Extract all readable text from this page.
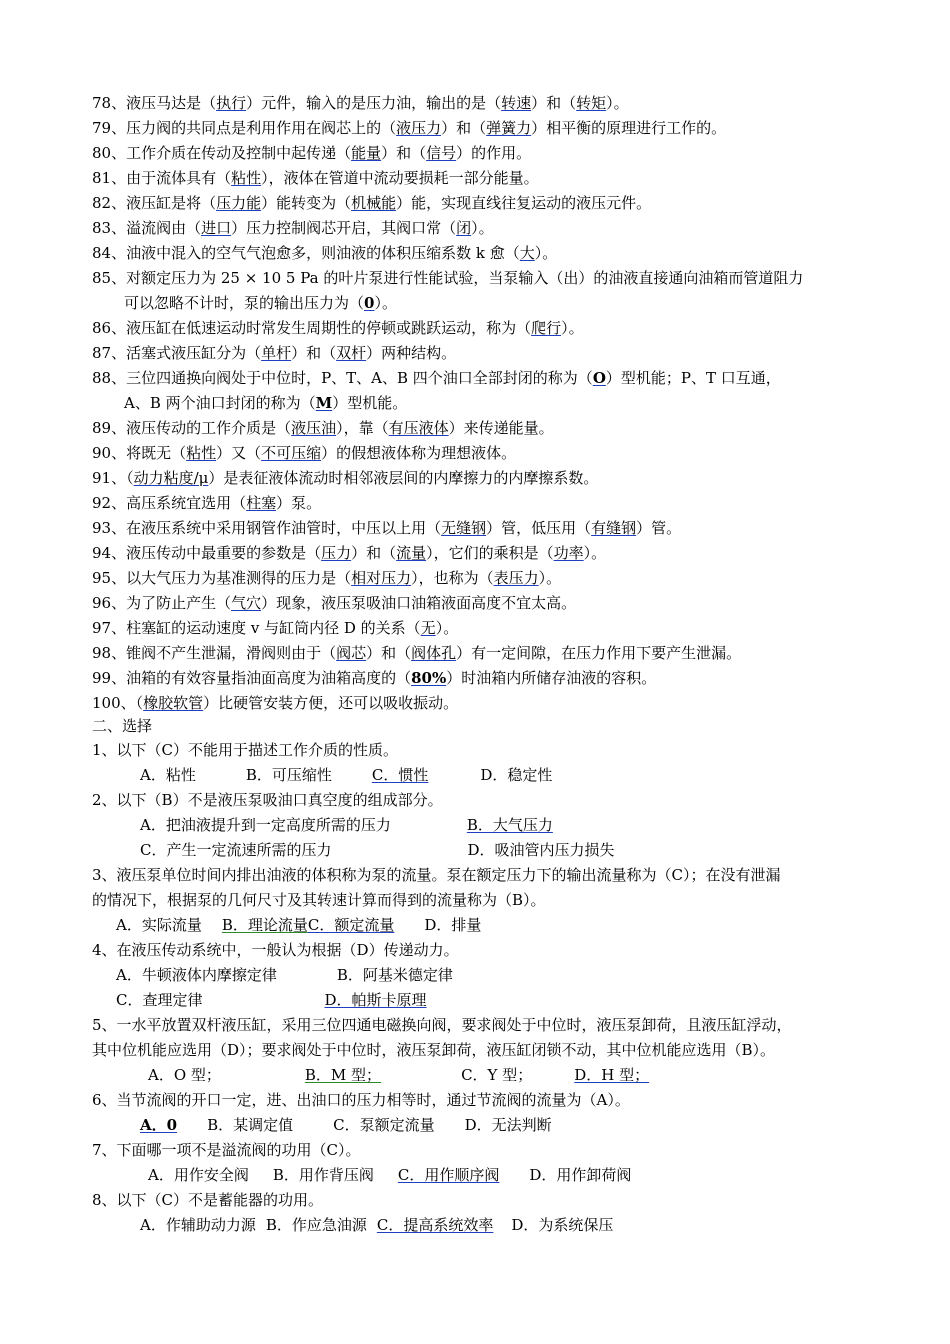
78、液压马达是（执行）元件，输入的是压力油，输出的是（转速）和（转矩）。
79、压力阀的共同点是利用作用在阀芯上的（液压力）和（弹簧力）相平衡的原理进行工作的。
80、工作介质在传动及控制中起传递（能量）和（信号）的作用。
81、由于流体具有（粘性），液体在管道中流动要损耗一部分能量。
82、液压缸是将（压力能）能转变为（机械能）能，实现直线往复运动的液压元件。
83、溢流阀由（进口）压力控制阀芯开启，其阀口常（闭）。
84、油液中混入的空气气泡愈多，则油液的体积压缩系数 k 愈（大）。
85、对额定压力为 25 × 10 5 Pa 的叶片泵进行性能试验，当泵输入（出）的油液直接通向油箱而管道阻力
可以忽略不计时，泵的输出压力为（0）。
86、液压缸在低速运动时常发生周期性的停顿或跳跃运动，称为（爬行）。
87、活塞式液压缸分为（单杆）和（双杆）两种结构。
88、三位四通换向阀处于中位时，P、T、A、B 四个油口全部封闭的称为（O）型机能；P、T 口互通，
A、B 两个油口封闭的称为（M）型机能。
89、液压传动的工作介质是（液压油），靠（有压液体）来传递能量。
90、将既无（粘性）又（不可压缩）的假想液体称为理想液体。
91、（动力粘度/μ）是表征液体流动时相邻液层间的内摩擦力的内摩擦系数。
92、高压系统宜选用（柱塞）泵。
93、在液压系统中采用钢管作油管时，中压以上用（无缝钢）管，低压用（有缝钢）管。
94、液压传动中最重要的参数是（压力）和（流量），它们的乘积是（功率）。
95、以大气压力为基准测得的压力是（相对压力），也称为（表压力）。
96、为了防止产生（气穴）现象，液压泵吸油口油箱液面高度不宜太高。
97、柱塞缸的运动速度 v 与缸筒内径 D 的关系（无）。
98、锥阀不产生泄漏，滑阀则由于（阀芯）和（阀体孔）有一定间隙，在压力作用下要产生泄漏。
99、油箱的有效容量指油面高度为油箱高度的（80%）时油箱内所储存油液的容积。
100、（橡胶软管）比硬管安装方便，还可以吸收振动。
二、选择
1、以下（C）不能用于描述工作介质的性质。
A．粘性	B．可压缩性	C．惯性	D．稳定性
2、以下（B）不是液压泵吸油口真空度的组成部分。
A．把油液提升到一定高度所需的压力	B．大气压力
C．产生一定流速所需的压力	D．吸油管内压力损失
3、液压泵单位时间内排出油液的体积称为泵的流量。泵在额定压力下的输出流量称为（C）；在没有泄漏
的情况下，根据泵的几何尺寸及其转速计算而得到的流量称为（B）。
A．实际流量B．理论流量C．额定流量 D．排量
4、在液压传动系统中，一般认为根据（D）传递动力。
A．牛顿液体内摩擦定律	B．阿基米德定律
C．查理定律	D．帕斯卡原理
5、一水平放置双杆液压缸，采用三位四通电磁换向阀，要求阀处于中位时，液压泵卸荷，且液压缸浮动，
其中位机能应选用（D）；要求阀处于中位时，液压泵卸荷，液压缸闭锁不动，其中位机能应选用（B）。
A．O 型；	B．M 型；	C．Y 型；	D．H 型；
6、当节流阀的开口一定，进、出油口的压力相等时，通过节流阀的流量为（A）。
A．0 B．某调定值	C．泵额定流量 D．无法判断
7、下面哪一项不是溢流阀的功用（C）。
A．用作安全阀 B．用作背压阀 C．用作顺序阀 D．用作卸荷阀
8、以下（C）不是蓄能器的功用。
A．作辅助动力源 B．作应急油源 C．提高系统效率 D．为系统保压
